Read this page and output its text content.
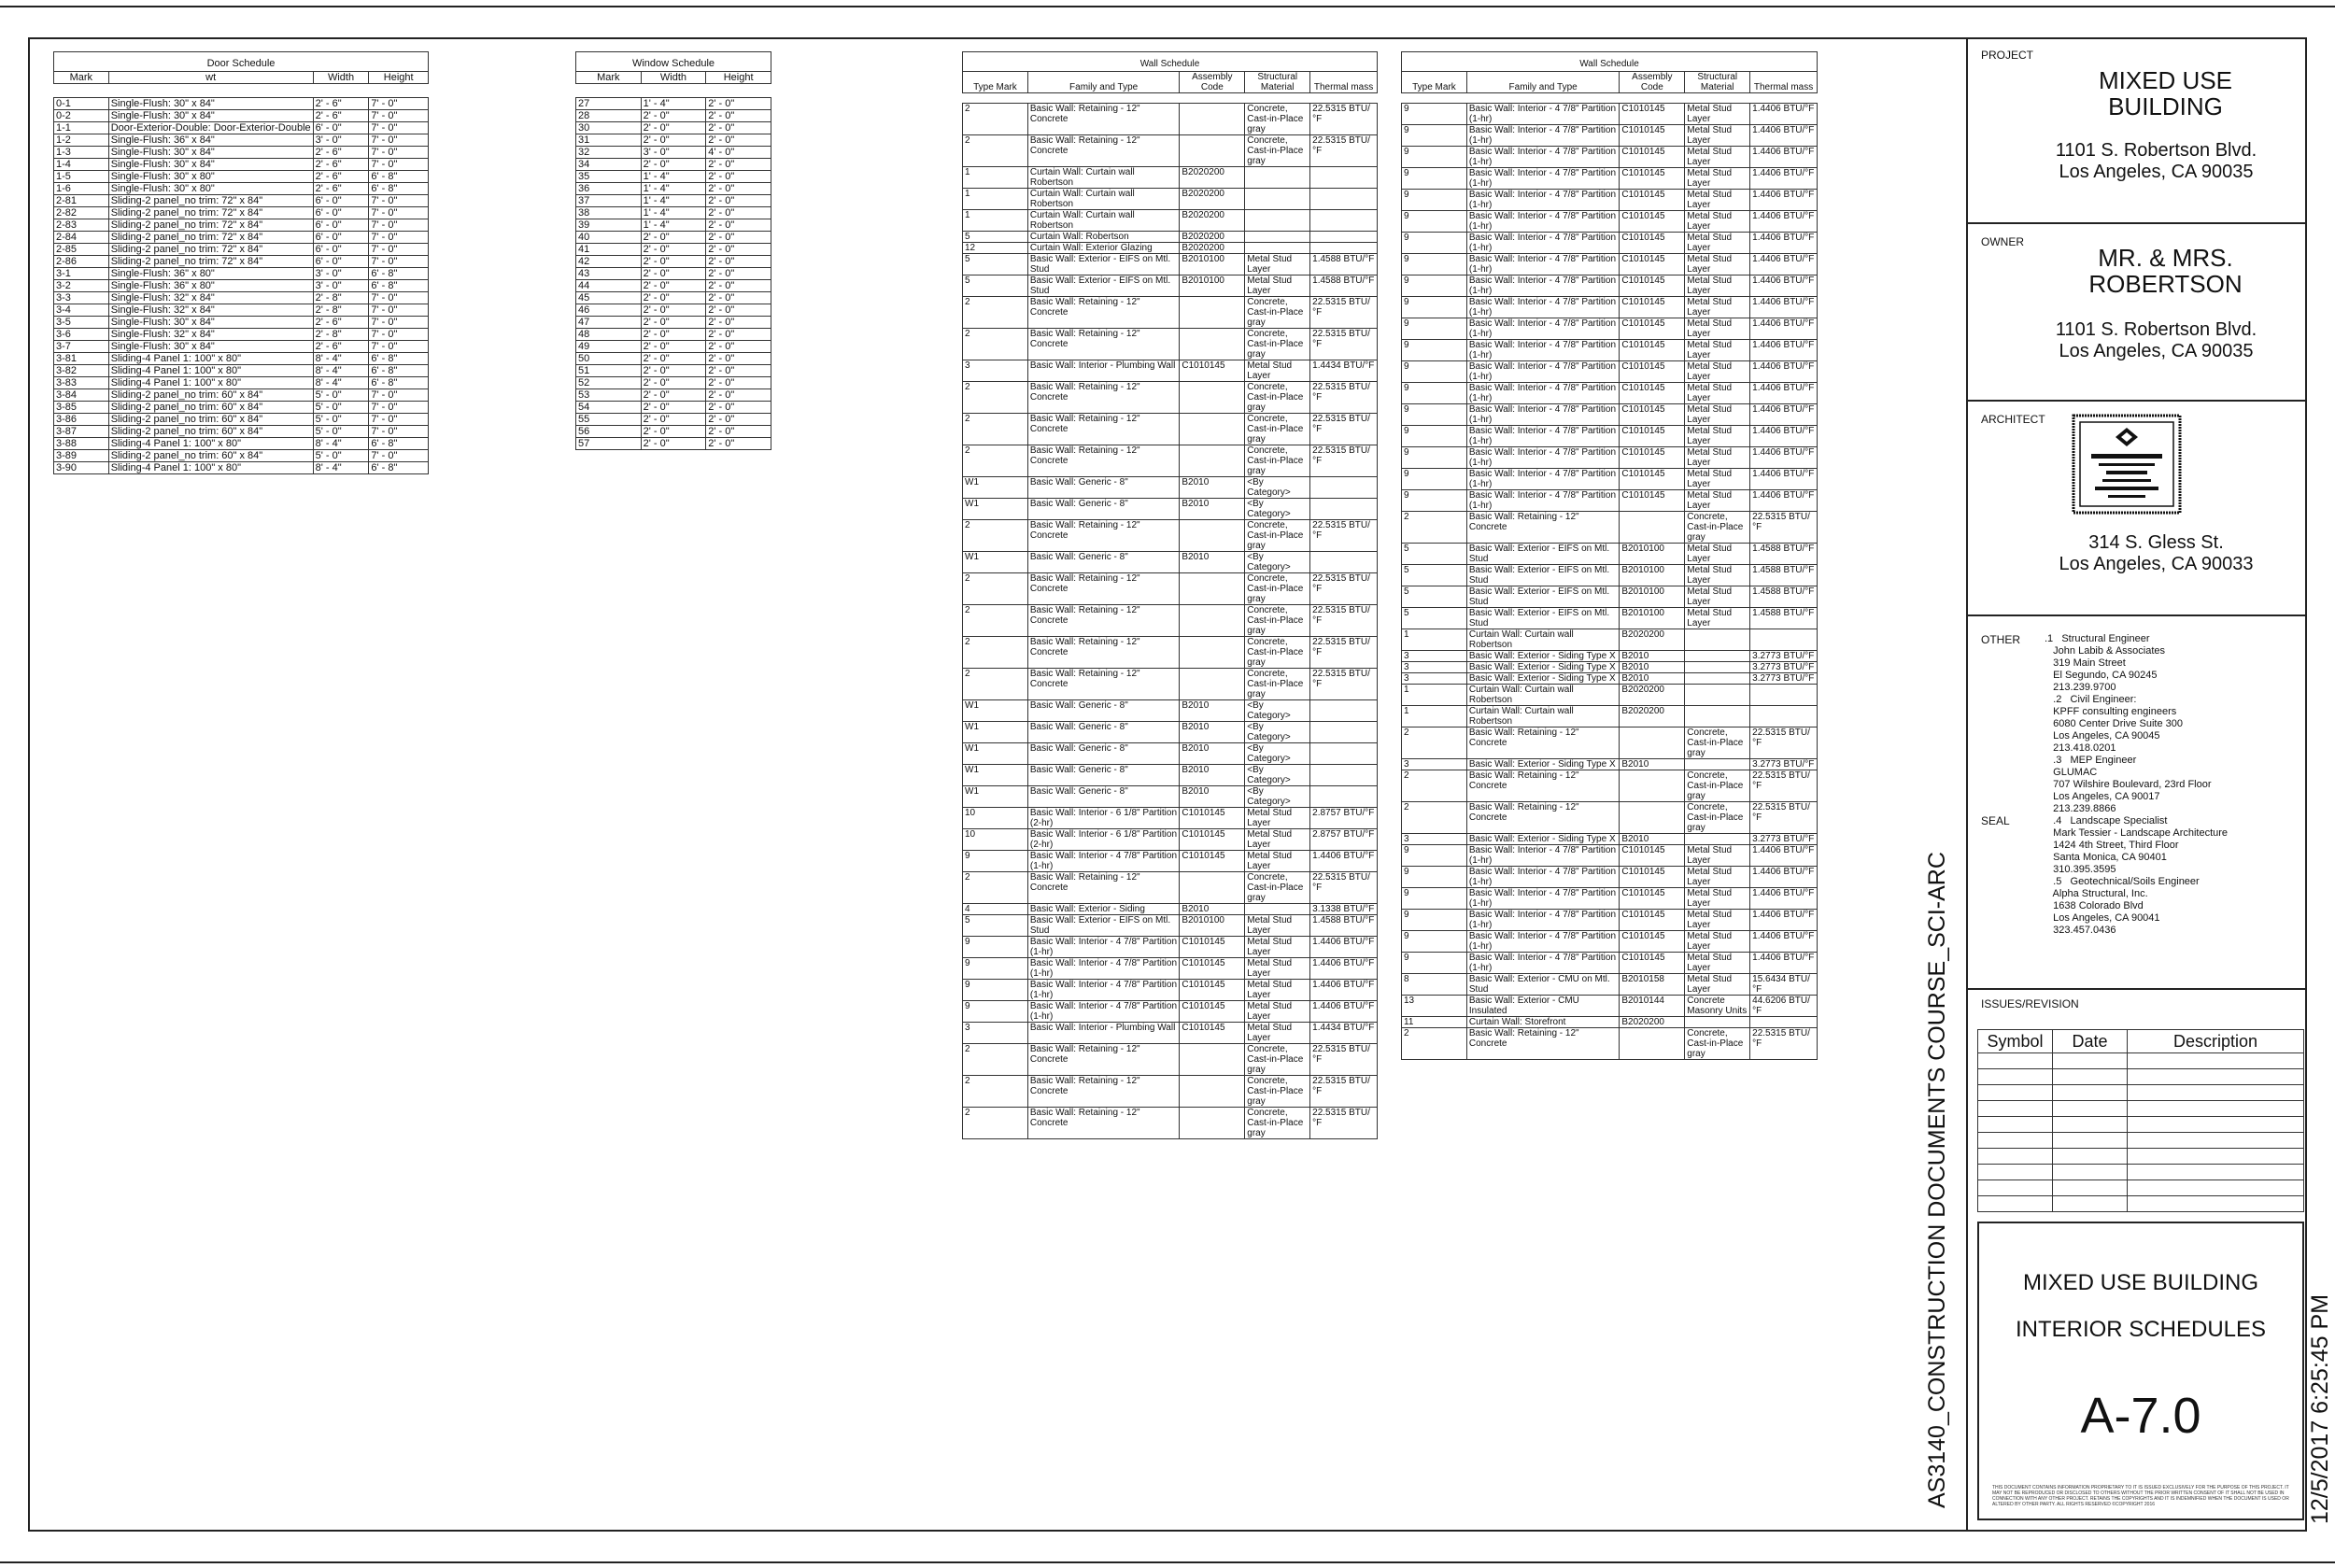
Door Schedule			
Mark	wt	Width	Height

0-1	Single-Flush: 30" x 84"	2' - 6"	7' - 0"
0-2	Single-Flush: 30" x 84"	2' - 6"	7' - 0"
1-1	Door-Exterior-Double: Door-Exterior-Double	6' - 0"	7' - 0"
1-2	Single-Flush: 36" x 84"	3' - 0"	7' - 0"
1-3	Single-Flush: 30" x 84"	2' - 6"	7' - 0"
1-4	Single-Flush: 30" x 84"	2' - 6"	7' - 0"
1-5	Single-Flush: 30" x 80"	2' - 6"	6' - 8"
1-6	Single-Flush: 30" x 80"	2' - 6"	6' - 8"
2-81	Sliding-2 panel_no trim: 72" x 84"	6' - 0"	7' - 0"
2-82	Sliding-2 panel_no trim: 72" x 84"	6' - 0"	7' - 0"
2-83	Sliding-2 panel_no trim: 72" x 84"	6' - 0"	7' - 0"
2-84	Sliding-2 panel_no trim: 72" x 84"	6' - 0"	7' - 0"
2-85	Sliding-2 panel_no trim: 72" x 84"	6' - 0"	7' - 0"
2-86	Sliding-2 panel_no trim: 72" x 84"	6' - 0"	7' - 0"
3-1	Single-Flush: 36" x 80"	3' - 0"	6' - 8"
3-2	Single-Flush: 36" x 80"	3' - 0"	6' - 8"
3-3	Single-Flush: 32" x 84"	2' - 8"	7' - 0"
3-4	Single-Flush: 32" x 84"	2' - 8"	7' - 0"
3-5	Single-Flush: 30" x 84"	2' - 6"	7' - 0"
3-6	Single-Flush: 32" x 84"	2' - 8"	7' - 0"
3-7	Single-Flush: 30" x 84"	2' - 6"	7' - 0"
3-81	Sliding-4 Panel 1: 100" x 80"	8' - 4"	6' - 8"
3-82	Sliding-4 Panel 1: 100" x 80"	8' - 4"	6' - 8"
3-83	Sliding-4 Panel 1: 100" x 80"	8' - 4"	6' - 8"
3-84	Sliding-2 panel_no trim: 60" x 84"	5' - 0"	7' - 0"
3-85	Sliding-2 panel_no trim: 60" x 84"	5' - 0"	7' - 0"
3-86	Sliding-2 panel_no trim: 60" x 84"	5' - 0"	7' - 0"
3-87	Sliding-2 panel_no trim: 60" x 84"	5' - 0"	7' - 0"
3-88	Sliding-4 Panel 1: 100" x 80"	8' - 4"	6' - 8"
3-89	Sliding-2 panel_no trim: 60" x 84"	5' - 0"	7' - 0"
3-90	Sliding-4 Panel 1: 100" x 80"	8' - 4"	6' - 8"
Window Schedule		
Mark	Width	Height

27	1' - 4"	2' - 0"
28	2' - 0"	2' - 0"
30	2' - 0"	2' - 0"
31	2' - 0"	2' - 0"
32	3' - 0"	4' - 0"
34	2' - 0"	2' - 0"
35	1' - 4"	2' - 0"
36	1' - 4"	2' - 0"
37	1' - 4"	2' - 0"
38	1' - 4"	2' - 0"
39	1' - 4"	2' - 0"
40	2' - 0"	2' - 0"
41	2' - 0"	2' - 0"
42	2' - 0"	2' - 0"
43	2' - 0"	2' - 0"
44	2' - 0"	2' - 0"
45	2' - 0"	2' - 0"
46	2' - 0"	2' - 0"
47	2' - 0"	2' - 0"
48	2' - 0"	2' - 0"
49	2' - 0"	2' - 0"
50	2' - 0"	2' - 0"
51	2' - 0"	2' - 0"
52	2' - 0"	2' - 0"
53	2' - 0"	2' - 0"
54	2' - 0"	2' - 0"
55	2' - 0"	2' - 0"
56	2' - 0"	2' - 0"
57	2' - 0"	2' - 0"
Wall Schedule				
Type Mark	Family and Type	Assembly Code	Structural Material	Thermal mass

2	Basic Wall: Retaining - 12" Concrete		Concrete, Cast-in-Place gray	22.5315 BTU/°F
2	Basic Wall: Retaining - 12" Concrete		Concrete, Cast-in-Place gray	22.5315 BTU/°F
1	Curtain Wall: Curtain wall Robertson	B2020200		
1	Curtain Wall: Curtain wall Robertson	B2020200		
1	Curtain Wall: Curtain wall Robertson	B2020200		
5	Curtain Wall: Robertson	B2020200		
12	Curtain Wall: Exterior Glazing	B2020200		
5	Basic Wall: Exterior - EIFS on Mtl. Stud	B2010100	Metal Stud Layer	1.4588 BTU/°F
5	Basic Wall: Exterior - EIFS on Mtl. Stud	B2010100	Metal Stud Layer	1.4588 BTU/°F
2	Basic Wall: Retaining - 12" Concrete		Concrete, Cast-in-Place gray	22.5315 BTU/°F
2	Basic Wall: Retaining - 12" Concrete		Concrete, Cast-in-Place gray	22.5315 BTU/°F
3	Basic Wall: Interior - Plumbing Wall	C1010145	Metal Stud Layer	1.4434 BTU/°F
2	Basic Wall: Retaining - 12" Concrete		Concrete, Cast-in-Place gray	22.5315 BTU/°F
2	Basic Wall: Retaining - 12" Concrete		Concrete, Cast-in-Place gray	22.5315 BTU/°F
2	Basic Wall: Retaining - 12" Concrete		Concrete, Cast-in-Place gray	22.5315 BTU/°F
W1	Basic Wall: Generic - 8"	B2010	<By Category>	
W1	Basic Wall: Generic - 8"	B2010	<By Category>	
2	Basic Wall: Retaining - 12" Concrete		Concrete, Cast-in-Place gray	22.5315 BTU/°F
W1	Basic Wall: Generic - 8"	B2010	<By Category>	
2	Basic Wall: Retaining - 12" Concrete		Concrete, Cast-in-Place gray	22.5315 BTU/°F
2	Basic Wall: Retaining - 12" Concrete		Concrete, Cast-in-Place gray	22.5315 BTU/°F
2	Basic Wall: Retaining - 12" Concrete		Concrete, Cast-in-Place gray	22.5315 BTU/°F
2	Basic Wall: Retaining - 12" Concrete		Concrete, Cast-in-Place gray	22.5315 BTU/°F
W1	Basic Wall: Generic - 8"	B2010	<By Category>	
W1	Basic Wall: Generic - 8"	B2010	<By Category>	
W1	Basic Wall: Generic - 8"	B2010	<By Category>	
W1	Basic Wall: Generic - 8"	B2010	<By Category>	
W1	Basic Wall: Generic - 8"	B2010	<By Category>	
10	Basic Wall: Interior - 6 1/8" Partition (2-hr)	C1010145	Metal Stud Layer	2.8757 BTU/°F
10	Basic Wall: Interior - 6 1/8" Partition (2-hr)	C1010145	Metal Stud Layer	2.8757 BTU/°F
9	Basic Wall: Interior - 4 7/8" Partition (1-hr)	C1010145	Metal Stud Layer	1.4406 BTU/°F
2	Basic Wall: Retaining - 12" Concrete		Concrete, Cast-in-Place gray	22.5315 BTU/°F
4	Basic Wall: Exterior - Siding	B2010		3.1338 BTU/°F
5	Basic Wall: Exterior - EIFS on Mtl. Stud	B2010100	Metal Stud Layer	1.4588 BTU/°F
9	Basic Wall: Interior - 4 7/8" Partition (1-hr)	C1010145	Metal Stud Layer	1.4406 BTU/°F
9	Basic Wall: Interior - 4 7/8" Partition (1-hr)	C1010145	Metal Stud Layer	1.4406 BTU/°F
9	Basic Wall: Interior - 4 7/8" Partition (1-hr)	C1010145	Metal Stud Layer	1.4406 BTU/°F
9	Basic Wall: Interior - 4 7/8" Partition (1-hr)	C1010145	Metal Stud Layer	1.4406 BTU/°F
3	Basic Wall: Interior - Plumbing Wall	C1010145	Metal Stud Layer	1.4434 BTU/°F
2	Basic Wall: Retaining - 12" Concrete		Concrete, Cast-in-Place gray	22.5315 BTU/°F
2	Basic Wall: Retaining - 12" Concrete		Concrete, Cast-in-Place gray	22.5315 BTU/°F
2	Basic Wall: Retaining - 12" Concrete		Concrete, Cast-in-Place gray	22.5315 BTU/°F
Wall Schedule				
Type Mark	Family and Type	Assembly Code	Structural Material	Thermal mass

9	Basic Wall: Interior - 4 7/8" Partition (1-hr)	C1010145	Metal Stud Layer	1.4406 BTU/°F
9	Basic Wall: Interior - 4 7/8" Partition (1-hr)	C1010145	Metal Stud Layer	1.4406 BTU/°F
9	Basic Wall: Interior - 4 7/8" Partition (1-hr)	C1010145	Metal Stud Layer	1.4406 BTU/°F
9	Basic Wall: Interior - 4 7/8" Partition (1-hr)	C1010145	Metal Stud Layer	1.4406 BTU/°F
9	Basic Wall: Interior - 4 7/8" Partition (1-hr)	C1010145	Metal Stud Layer	1.4406 BTU/°F
9	Basic Wall: Interior - 4 7/8" Partition (1-hr)	C1010145	Metal Stud Layer	1.4406 BTU/°F
9	Basic Wall: Interior - 4 7/8" Partition (1-hr)	C1010145	Metal Stud Layer	1.4406 BTU/°F
9	Basic Wall: Interior - 4 7/8" Partition (1-hr)	C1010145	Metal Stud Layer	1.4406 BTU/°F
9	Basic Wall: Interior - 4 7/8" Partition (1-hr)	C1010145	Metal Stud Layer	1.4406 BTU/°F
9	Basic Wall: Interior - 4 7/8" Partition (1-hr)	C1010145	Metal Stud Layer	1.4406 BTU/°F
9	Basic Wall: Interior - 4 7/8" Partition (1-hr)	C1010145	Metal Stud Layer	1.4406 BTU/°F
9	Basic Wall: Interior - 4 7/8" Partition (1-hr)	C1010145	Metal Stud Layer	1.4406 BTU/°F
9	Basic Wall: Interior - 4 7/8" Partition (1-hr)	C1010145	Metal Stud Layer	1.4406 BTU/°F
9	Basic Wall: Interior - 4 7/8" Partition (1-hr)	C1010145	Metal Stud Layer	1.4406 BTU/°F
9	Basic Wall: Interior - 4 7/8" Partition (1-hr)	C1010145	Metal Stud Layer	1.4406 BTU/°F
9	Basic Wall: Interior - 4 7/8" Partition (1-hr)	C1010145	Metal Stud Layer	1.4406 BTU/°F
9	Basic Wall: Interior - 4 7/8" Partition (1-hr)	C1010145	Metal Stud Layer	1.4406 BTU/°F
9	Basic Wall: Interior - 4 7/8" Partition (1-hr)	C1010145	Metal Stud Layer	1.4406 BTU/°F
9	Basic Wall: Interior - 4 7/8" Partition (1-hr)	C1010145	Metal Stud Layer	1.4406 BTU/°F
2	Basic Wall: Retaining - 12" Concrete		Concrete, Cast-in-Place gray	22.5315 BTU/°F
5	Basic Wall: Exterior - EIFS on Mtl. Stud	B2010100	Metal Stud Layer	1.4588 BTU/°F
5	Basic Wall: Exterior - EIFS on Mtl. Stud	B2010100	Metal Stud Layer	1.4588 BTU/°F
5	Basic Wall: Exterior - EIFS on Mtl. Stud	B2010100	Metal Stud Layer	1.4588 BTU/°F
5	Basic Wall: Exterior - EIFS on Mtl. Stud	B2010100	Metal Stud Layer	1.4588 BTU/°F
1	Curtain Wall: Curtain wall Robertson	B2020200		
3	Basic Wall: Exterior - Siding Type X	B2010		3.2773 BTU/°F
3	Basic Wall: Exterior - Siding Type X	B2010		3.2773 BTU/°F
3	Basic Wall: Exterior - Siding Type X	B2010		3.2773 BTU/°F
1	Curtain Wall: Curtain wall Robertson	B2020200		
1	Curtain Wall: Curtain wall Robertson	B2020200		
2	Basic Wall: Retaining - 12" Concrete		Concrete, Cast-in-Place gray	22.5315 BTU/°F
3	Basic Wall: Exterior - Siding Type X	B2010		3.2773 BTU/°F
2	Basic Wall: Retaining - 12" Concrete		Concrete, Cast-in-Place gray	22.5315 BTU/°F
2	Basic Wall: Retaining - 12" Concrete		Concrete, Cast-in-Place gray	22.5315 BTU/°F
3	Basic Wall: Exterior - Siding Type X	B2010		3.2773 BTU/°F
9	Basic Wall: Interior - 4 7/8" Partition (1-hr)	C1010145	Metal Stud Layer	1.4406 BTU/°F
9	Basic Wall: Interior - 4 7/8" Partition (1-hr)	C1010145	Metal Stud Layer	1.4406 BTU/°F
9	Basic Wall: Interior - 4 7/8" Partition (1-hr)	C1010145	Metal Stud Layer	1.4406 BTU/°F
9	Basic Wall: Interior - 4 7/8" Partition (1-hr)	C1010145	Metal Stud Layer	1.4406 BTU/°F
9	Basic Wall: Interior - 4 7/8" Partition (1-hr)	C1010145	Metal Stud Layer	1.4406 BTU/°F
9	Basic Wall: Interior - 4 7/8" Partition (1-hr)	C1010145	Metal Stud Layer	1.4406 BTU/°F
8	Basic Wall: Exterior - CMU on Mtl. Stud	B2010158	Metal Stud Layer	15.6434 BTU/°F
13	Basic Wall: Exterior - CMU Insulated	B2010144	Concrete Masonry Units	44.6206 BTU/°F
11	Curtain Wall: Storefront	B2020200		
2	Basic Wall: Retaining - 12" Concrete		Concrete, Cast-in-Place gray	22.5315 BTU/°F	AS3140_CONSTRUCTION DOCUMENTS COURSE_SCI-ARC	12/5/2017 6:25:45 PM
PROJECT
MIXED USE BUILDING
1101 S. Robertson Blvd.
Los Angeles, CA 90035
OWNER
MR. & MRS. ROBERTSON
1101 S. Robertson Blvd.
Los Angeles, CA 90035
ARCHITECT
314 S. Gless St.
Los Angeles, CA 90033
OTHER .1   Structural Engineer
John Labib & Associates
319 Main Street
El Segundo, CA 90245
213.239.9700
.2   Civil Engineer:
KPFF consulting engineers
6080 Center Drive Suite 300
Los Angeles, CA 90045
213.418.0201
.3   MEP Engineer
GLUMAC
707 Wilshire Boulevard, 23rd Floor
Los Angeles, CA 90017
213.239.8866
.4   Landscape Specialist
Mark Tessier - Landscape Architecture
1424 4th Street, Third Floor
Santa Monica, CA 90401
310.395.3595
.5   Geotechnical/Soils Engineer
Alpha Structural, Inc.
1638 Colorado Blvd
Los Angeles, CA 90041
323.457.0436
SEAL
ISSUES/REVISION
Symbol	Date	Description

MIXED USE BUILDING
INTERIOR SCHEDULES
A-7.0
THIS DOCUMENT CONTAINS INFORMATION PROPRIETARY TO IT IS ISSUED EXCLUSIVELY FOR THE PURPOSE OF THIS PROJECT. IT MAY NOT BE REPRODUCED OR DISCLOSED TO OTHERS WITHOUT THE PRIOR WRITTEN CONSENT OF IT SHALL NOT BE USED IN CONNECTION WITH ANY OTHER PROJECT. RETAINS THE COPYRIGHTS AND IT IS INDEMNIFIED WHEN THE DOCUMENT IS USED OR ALTERED BY OTHER PARTY. ALL RIGHTS RESERVED ©COPYRIGHT 2016
